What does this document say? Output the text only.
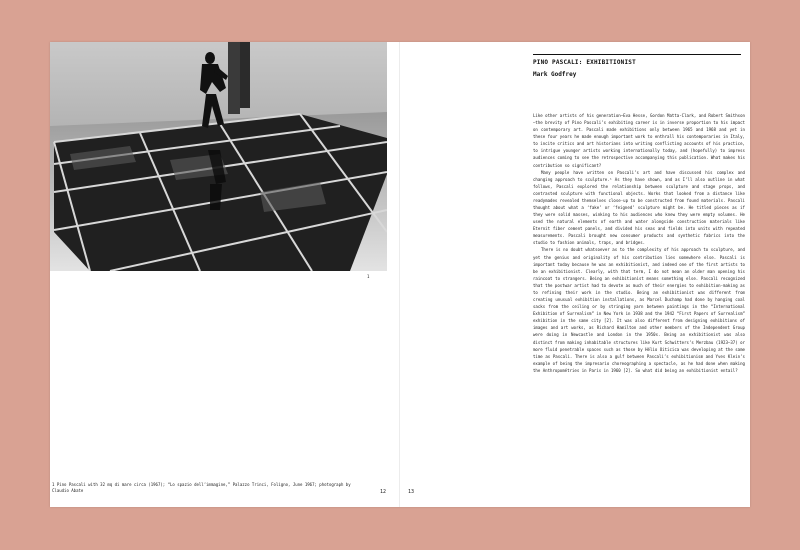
1
1 Pino Pascali with 32 mq di mare circa (1967); “Lo spazio dell’immagine,” Palazzo Trinci, Foligno, June 1967; photograph by Claudio Abate	12	13
PINO PASCALI: EXHIBITIONIST
Mark Godfrey

Like other artists of his generation—Eva Hesse, Gordon Matta-Clark, and Robert Smithson—the brevity of Pino Pascali’s exhibiting career is in inverse proportion to his impact on contemporary art. Pascali made exhibitions only between 1965 and 1968 and yet in these four years he made enough important work to enthrall his contemporaries in Italy, to incite critics and art historians into writing conflicting accounts of his practice, to intrigue younger artists working internationally today, and (hopefully) to impress audiences coming to see the retrospective accompanying this publication. What makes his contribution so significant?

Many people have written on Pascali’s art and have discussed his complex and changing approach to sculpture.¹ As they have shown, and as I’ll also outline in what follows, Pascali explored the relationship between sculpture and stage props, and contrasted sculpture with functional objects. Works that looked from a distance like readymades revealed themselves close-up to be constructed from found materials. Pascali thought about what a ‘fake’ or ‘feigned’ sculpture might be. He titled pieces as if they were solid masses, winking to his audiences who knew they were empty volumes. He used the natural elements of earth and water alongside construction materials like Eternit fiber cement panels, and divided his seas and fields into units with repeated measurements. Pascali brought new consumer products and synthetic fabrics into the studio to fashion animals, traps, and bridges.

There is no doubt whatsoever as to the complexity of his approach to sculpture, and yet the genius and originality of his contribution lies somewhere else. Pascali is important today because he was an exhibitionist, and indeed one of the first artists to be an exhibitionist. Clearly, with that term, I do not mean an older man opening his raincoat to strangers. Being an exhibitionist means something else. Pascali recognized that the postwar artist had to devote as much of their energies to exhibition-making as to refining their work in the studio. Being an exhibitionist was different from creating unusual exhibition installations, as Marcel Duchamp had done by hanging coal sacks from the ceiling or by stringing yarn between paintings in the “International Exhibition of Surrealism” in New York in 1938 and the 1942 “First Papers of Surrealism” exhibition in the same city [2]. It was also different from designing exhibitions of images and art works, as Richard Hamilton and other members of the Independent Group were doing in Newcastle and London in the 1950s. Being an exhibitionist was also distinct from making inhabitable structures like Kurt Schwitters’s Merzbau (1923–37) or more fluid penetrable spaces such as those by Hélio Oiticica was developing at the same time as Pascali. There is also a gulf between Pascali’s exhibitionism and Yves Klein’s example of being the impresario choreographing a spectacle, as he had done when making the Anthropométries in Paris in 1960 [2]. So what did being an exhibitionist entail?
